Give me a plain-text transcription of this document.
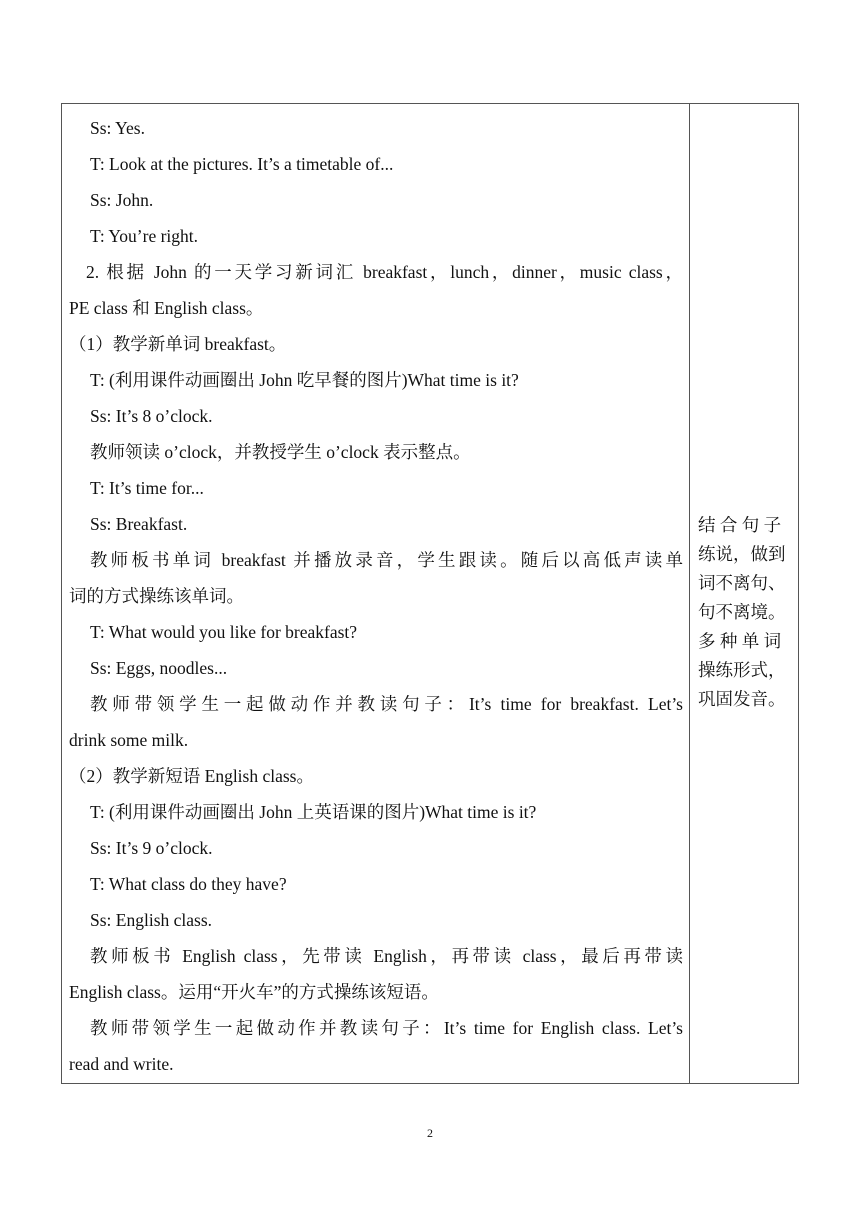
Ss: Yes.
T: Look at the pictures. It’s a timetable of...
Ss: John.
T: You’re right.
2. 根据 John 的一天学习新词汇 breakfast，lunch，dinner，music class，
PE class 和 English class。
（1）教学新单词 breakfast。
T: (利用课件动画圈出 John 吃早餐的图片)What time is it?
Ss: It’s 8 o’clock.
教师领读 o’clock，并教授学生 o’clock 表示整点。
T: It’s time for...
Ss: Breakfast.
教师板书单词 breakfast 并播放录音，学生跟读。随后以高低声读单
词的方式操练该单词。
T: What would you like for breakfast?
Ss: Eggs, noodles...
教师带领学生一起做动作并教读句子：It’s time for breakfast. Let’s
drink some milk.
（2）教学新短语 English class。
T: (利用课件动画圈出 John 上英语课的图片)What time is it?
Ss: It’s 9 o’clock.
T: What class do they have?
Ss: English class.
教师板书 English class，先带读 English，再带读 class，最后再带读
English class。运用“开火车”的方式操练该短语。
教师带领学生一起做动作并教读句子：It’s time for English class. Let’s
read and write.
结 合 句 子
练说，做到
词不离句、
句不离境。
多 种 单 词
操练形式，
巩固发音。
2
